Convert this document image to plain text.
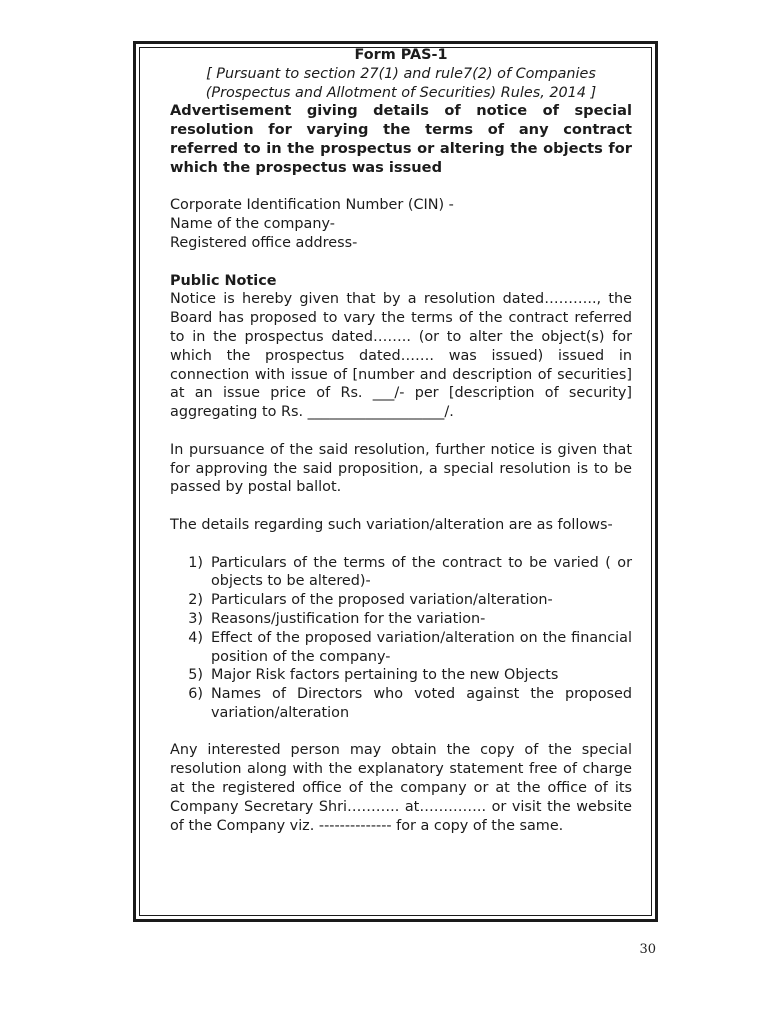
Form PAS-1
[ Pursuant to section 27(1) and rule7(2) of Companies
(Prospectus and Allotment of Securities) Rules, 2014 ]
Advertisement giving details of notice of special resolution for varying the terms of any contract referred to in the prospectus or altering the objects for which the prospectus was issued
Corporate Identification Number (CIN) -
Name of the company-
Registered office address-
Public Notice
Notice is hereby given that by a resolution dated……….., the Board has proposed to vary the terms of the contract referred to in the prospectus dated…….. (or to alter the object(s) for which the prospectus dated……. was issued) issued in connection with issue of [number and description of securities] at an issue price of Rs. ___/- per [description of security] aggregating to Rs. ___________________/.
In pursuance of the said resolution, further notice is given that for approving the said proposition, a special resolution is to be passed by postal ballot.
The details regarding such variation/alteration are as follows-
1) Particulars of the terms of the contract to be varied ( or objects to be altered)-
2) Particulars of the proposed variation/alteration-
3) Reasons/justification for the variation-
4) Effect of the proposed variation/alteration on the financial position of the company-
5) Major Risk factors pertaining to the new Objects
6) Names of Directors who voted against the proposed variation/alteration
Any interested person may obtain the copy of the special resolution along with the explanatory statement free of charge at the registered office of the company or at the office of its Company Secretary Shri……….. at………….. or visit the website of the Company viz. -------------- for a copy of the same.
30
